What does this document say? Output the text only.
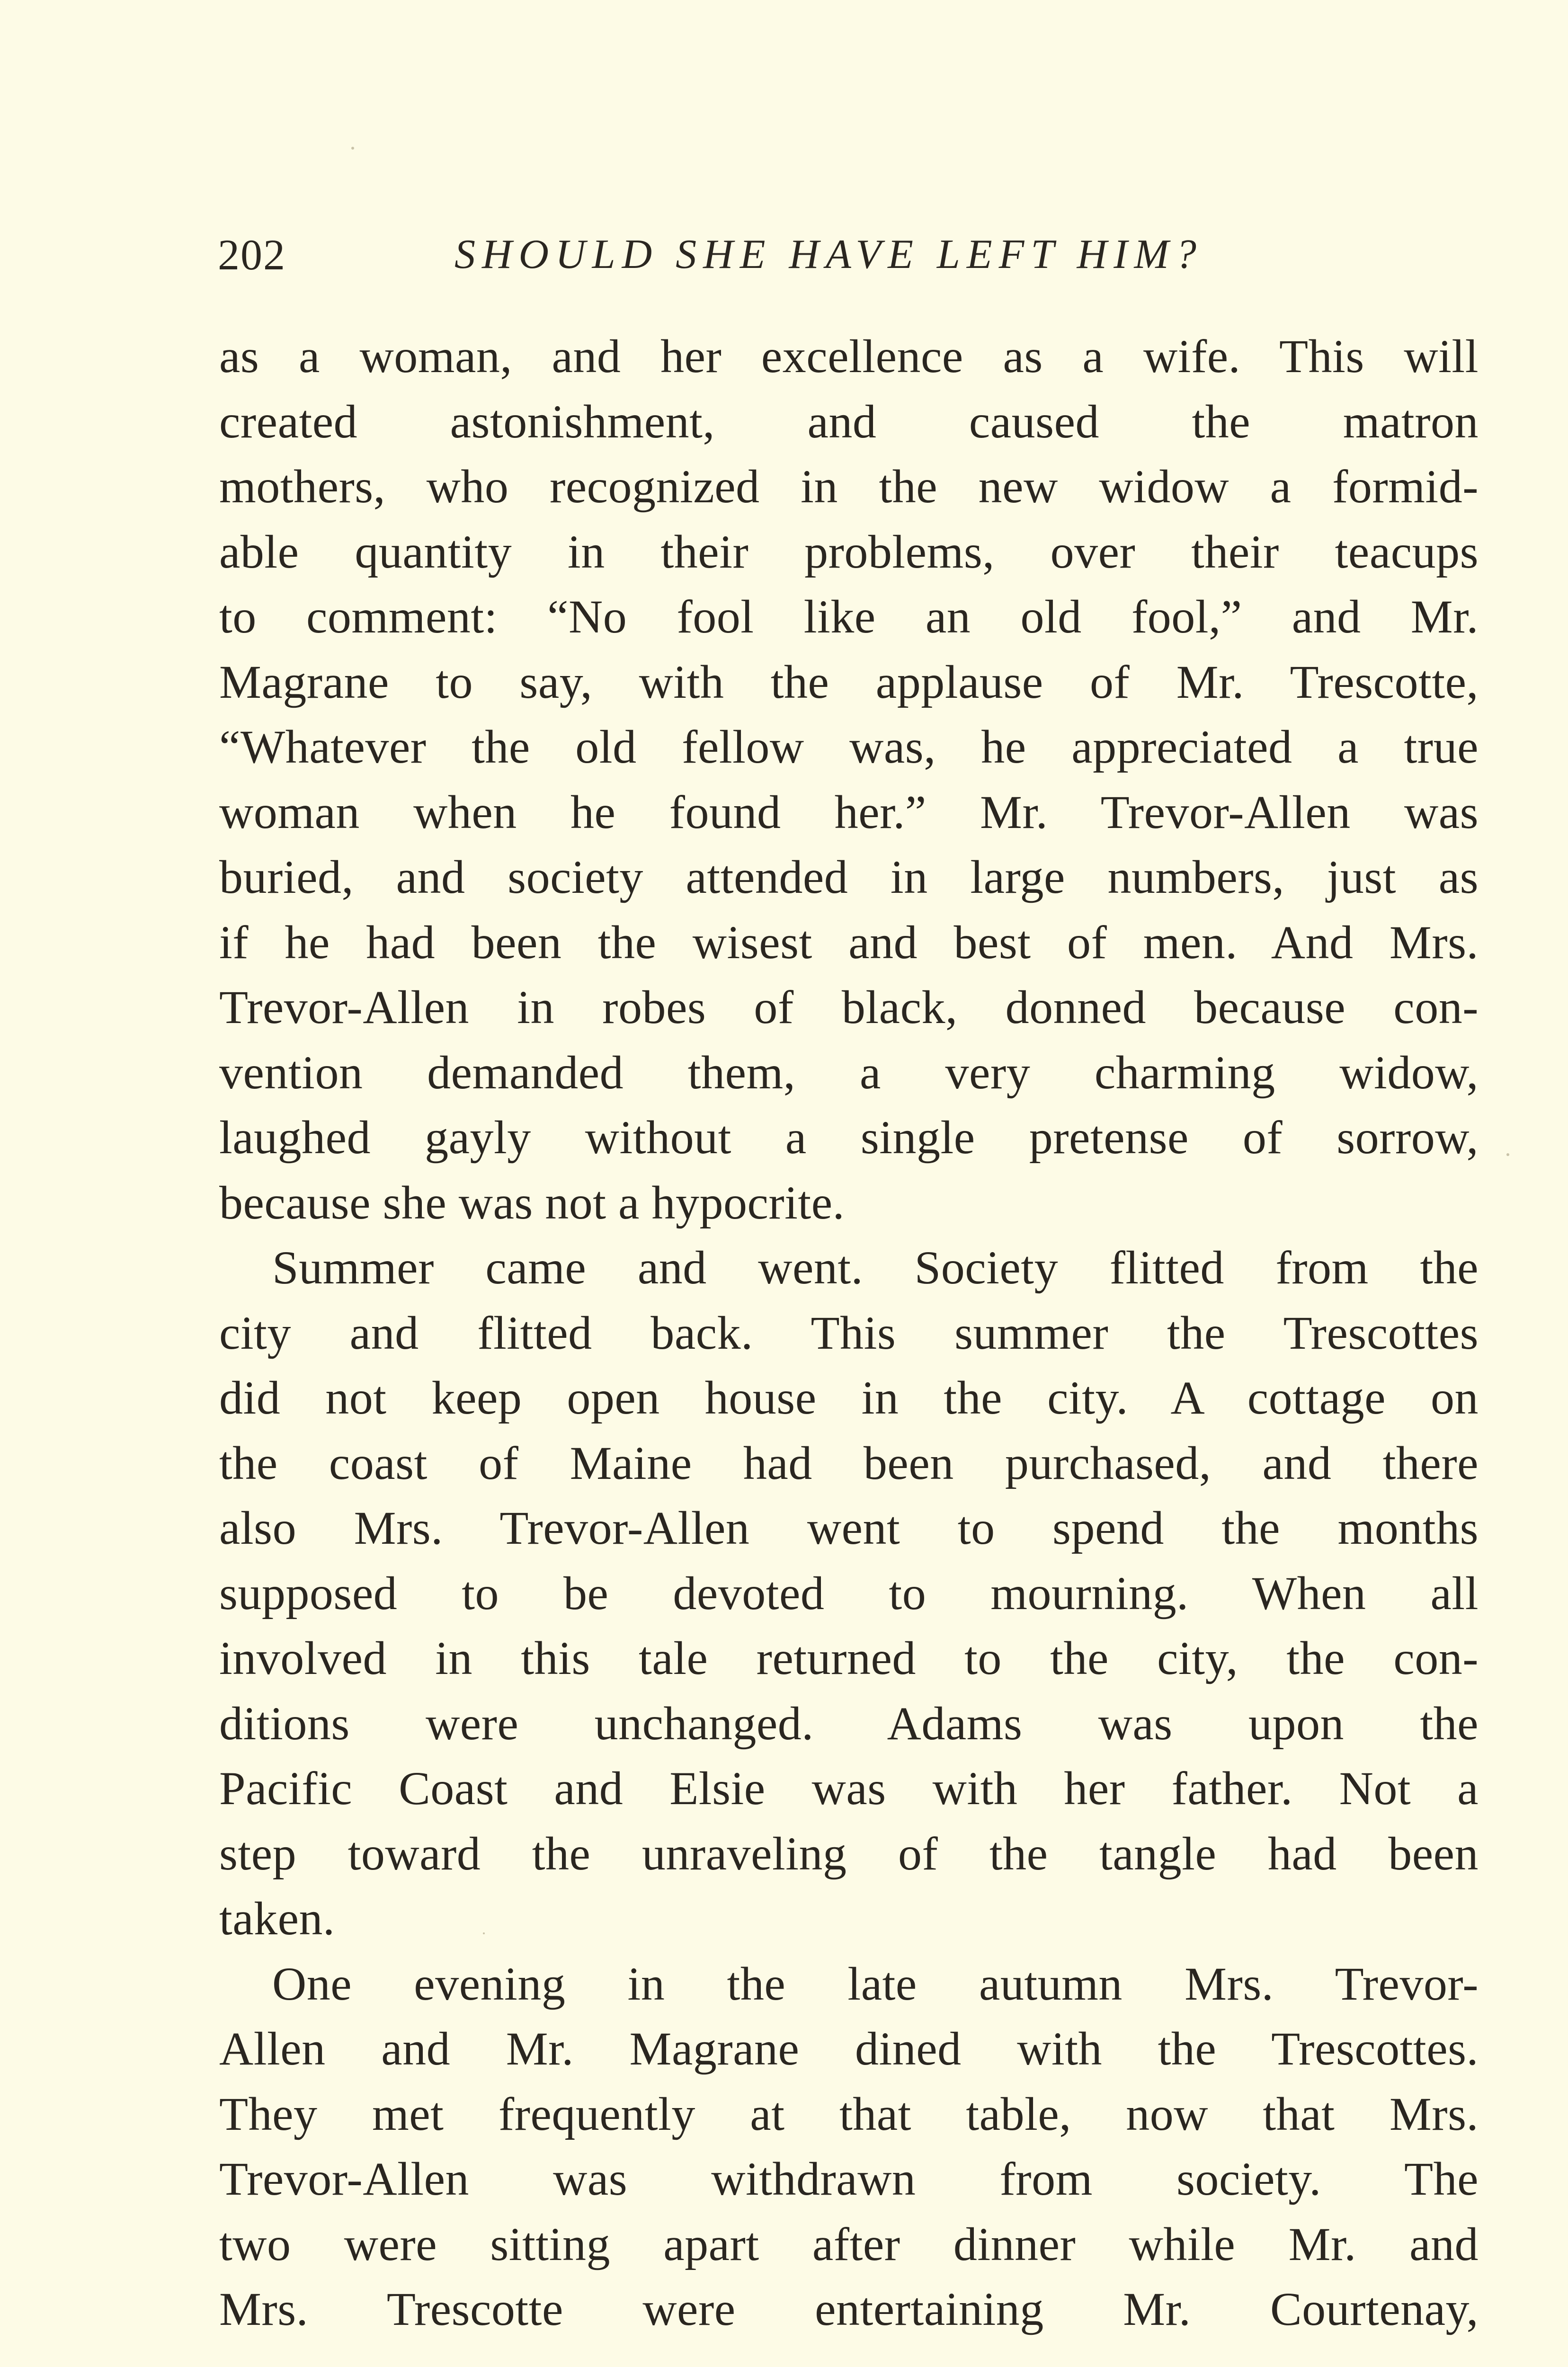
202	SHOULD SHE HAVE LEFT HIM?
as a woman, and her excellence as a wife. This will
created astonishment, and caused the matron
mothers, who recognized in the new widow a formid-
able quantity in their problems, over their teacups
to comment: “No fool like an old fool,” and Mr.
Magrane to say, with the applause of Mr. Trescotte,
“Whatever the old fellow was, he appreciated a true
woman when he found her.” Mr. Trevor-Allen was
buried, and society attended in large numbers, just as
if he had been the wisest and best of men. And Mrs.
Trevor-Allen in robes of black, donned because con-
vention demanded them, a very charming widow,
laughed gayly without a single pretense of sorrow,
because she was not a hypocrite.
Summer came and went. Society flitted from the
city and flitted back. This summer the Trescottes
did not keep open house in the city. A cottage on
the coast of Maine had been purchased, and there
also Mrs. Trevor-Allen went to spend the months
supposed to be devoted to mourning. When all
involved in this tale returned to the city, the con-
ditions were unchanged. Adams was upon the
Pacific Coast and Elsie was with her father. Not a
step toward the unraveling of the tangle had been
taken.
One evening in the late autumn Mrs. Trevor-
Allen and Mr. Magrane dined with the Trescottes.
They met frequently at that table, now that Mrs.
Trevor-Allen was withdrawn from society. The
two were sitting apart after dinner while Mr. and
Mrs. Trescotte were entertaining Mr. Courtenay,
